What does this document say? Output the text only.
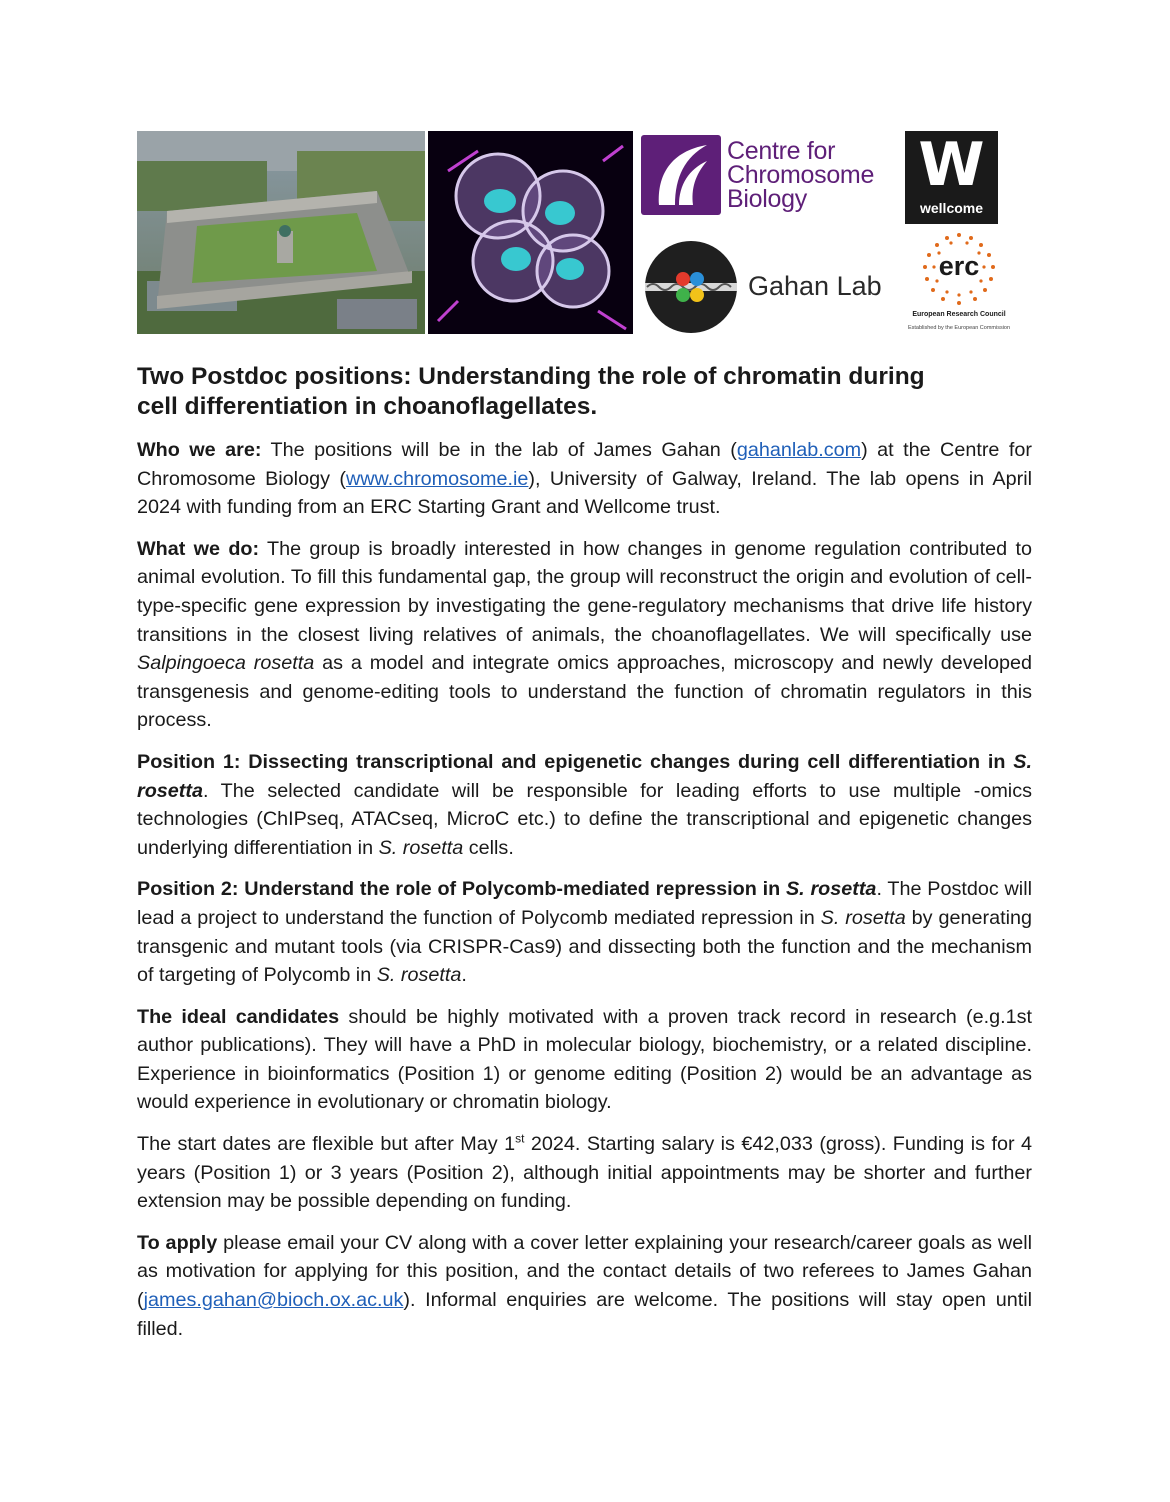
Centre for
Chromosome
Biology	W
wellcome
Gahan Lab
erc
European Research Council
Established by the European Commission
Two Postdoc positions: Understanding the role of chromatin during
cell differentiation in choanoflagellates.

Who we are: The positions will be in the lab of James Gahan (gahanlab.com) at the Centre for Chromosome Biology (www.chromosome.ie), University of Galway, Ireland. The lab opens in April 2024 with funding from an ERC Starting Grant and Wellcome trust.

What we do: The group is broadly interested in how changes in genome regulation contributed to animal evolution. To fill this fundamental gap, the group will reconstruct the origin and evolution of cell-type-specific gene expression by investigating the gene-regulatory mechanisms that drive life history transitions in the closest living relatives of animals, the choanoflagellates. We will specifically use Salpingoeca rosetta as a model and integrate omics approaches, microscopy and newly developed transgenesis and genome-editing tools to understand the function of chromatin regulators in this process.

Position 1: Dissecting transcriptional and epigenetic changes during cell differentiation in S. rosetta. The selected candidate will be responsible for leading efforts to use multiple -omics technologies (ChIPseq, ATACseq, MicroC etc.) to define the transcriptional and epigenetic changes underlying differentiation in S. rosetta cells.

Position 2: Understand the role of Polycomb-mediated repression in S. rosetta. The Postdoc will lead a project to understand the function of Polycomb mediated repression in S. rosetta by generating transgenic and mutant tools (via CRISPR-Cas9) and dissecting both the function and the mechanism of targeting of Polycomb in S. rosetta.

The ideal candidates should be highly motivated with a proven track record in research (e.g.1st author publications). They will have a PhD in molecular biology, biochemistry, or a related discipline. Experience in bioinformatics (Position 1) or genome editing (Position 2) would be an advantage as would experience in evolutionary or chromatin biology.

The start dates are flexible but after May 1st 2024. Starting salary is €42,033 (gross). Funding is for 4 years (Position 1) or 3 years (Position 2), although initial appointments may be shorter and further extension may be possible depending on funding.

To apply please email your CV along with a cover letter explaining your research/career goals as well as motivation for applying for this position, and the contact details of two referees to James Gahan (james.gahan@bioch.ox.ac.uk). Informal enquiries are welcome. The positions will stay open until filled.
